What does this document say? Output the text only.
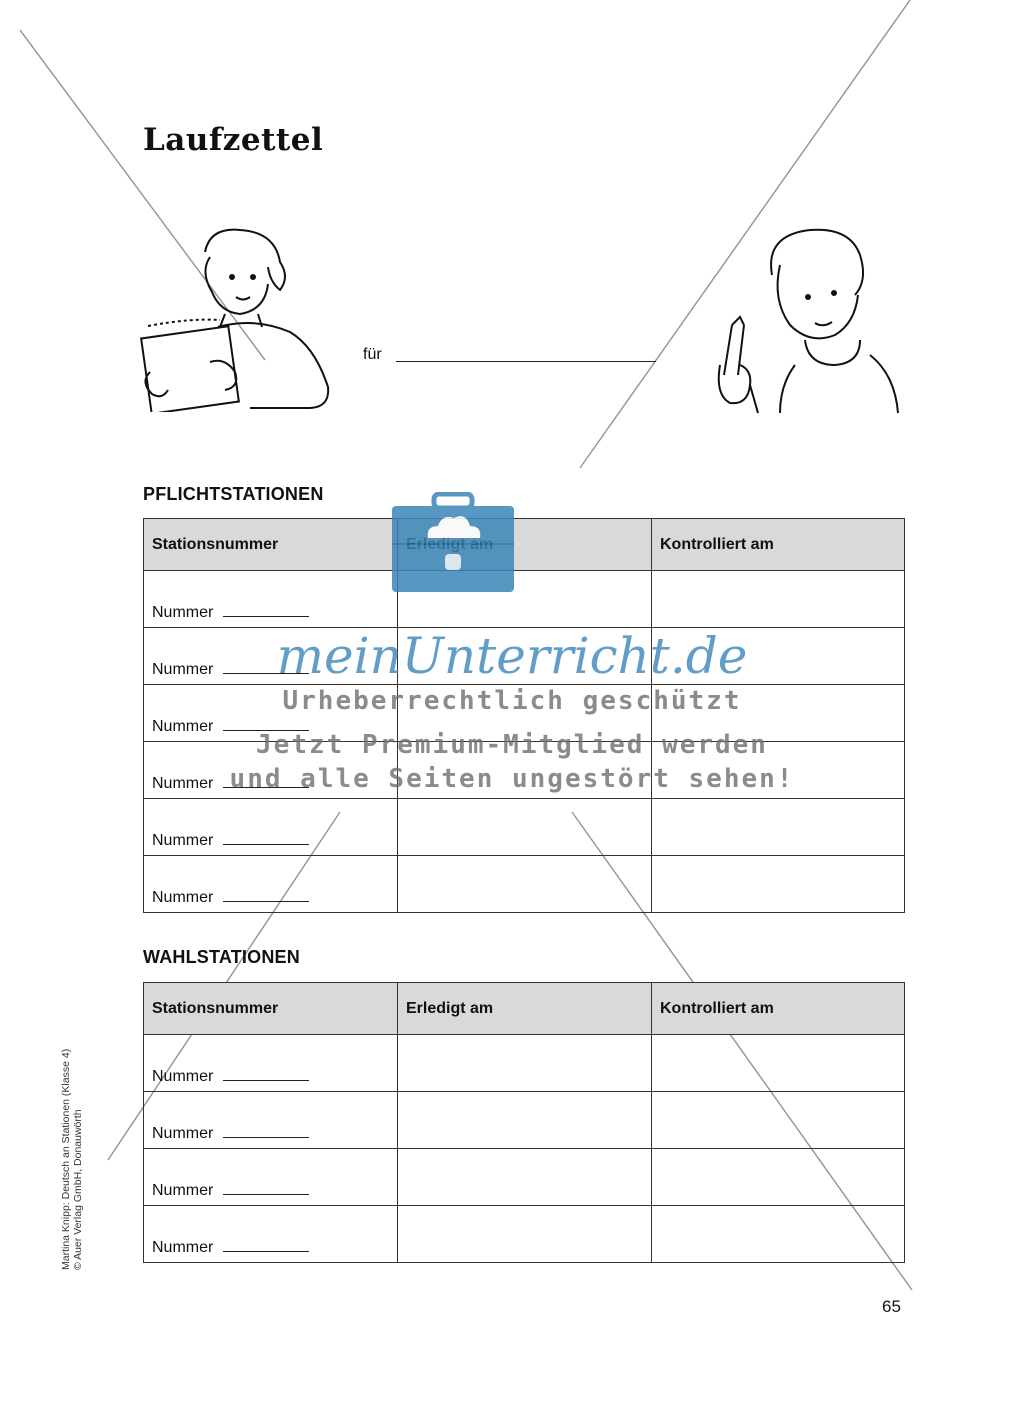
Laufzettel
für
PFLICHTSTATIONEN
Stationsnummer		Kontrolliert am
Nummer		
Nummer		
Nummer		
Nummer		
Nummer		
Nummer		
WAHLSTATIONEN
Stationsnummer	Erledigt am	Kontrolliert am
Nummer		
Nummer		
Nummer		
Nummer		
meinUnterricht.de
Urheberrechtlich geschützt
Jetzt Premium-Mitglied werden
und alle Seiten ungestört sehen!
Martina Knipp: Deutsch an Stationen (Klasse 4) © Auer Verlag GmbH, Donauwörth
65
